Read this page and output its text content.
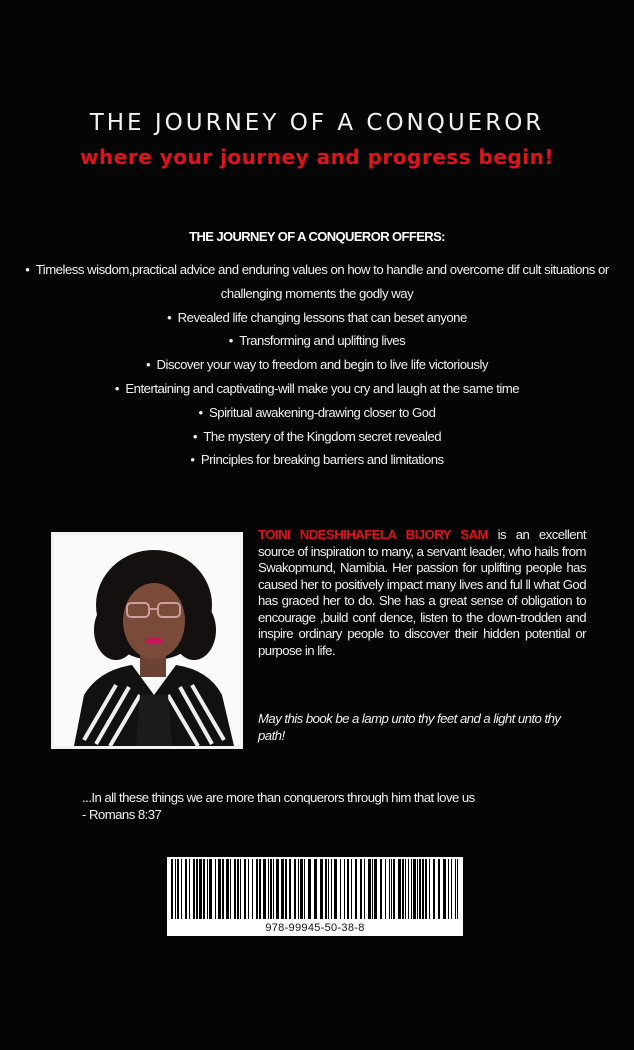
THE JOURNEY OF A CONQUEROR
where your journey and progress begin!
THE JOURNEY OF A CONQUEROR OFFERS:
•  Timeless wisdom,practical advice and enduring values on how to handle and overcome dif cult situations or challenging moments the godly way
•  Revealed life changing lessons that can beset anyone
•  Transforming and uplifting lives
•  Discover your way to freedom and begin to live life victoriously
•  Entertaining and captivating-will make you cry and laugh at the same time
•  Spiritual awakening-drawing closer to God
•  The mystery of the Kingdom secret revealed
•  Principles for breaking barriers and limitations
TOINI NDESHIHAFELA BIJORY SAM is an excellent source of inspiration to many, a servant leader, who hails from Swakopmund, Namibia. Her passion for uplifting people has caused her to positively impact many lives and ful ll what God has graced her to do. She has a great sense of obligation to encourage ,build conf dence, listen to the down-trodden and inspire ordinary people to discover their hidden potential or purpose in life.
May this book be a lamp unto thy feet and a light unto thy path!
...In all these things we are more than conquerors through him that love us
- Romans 8:37
978-99945-50-38-8
